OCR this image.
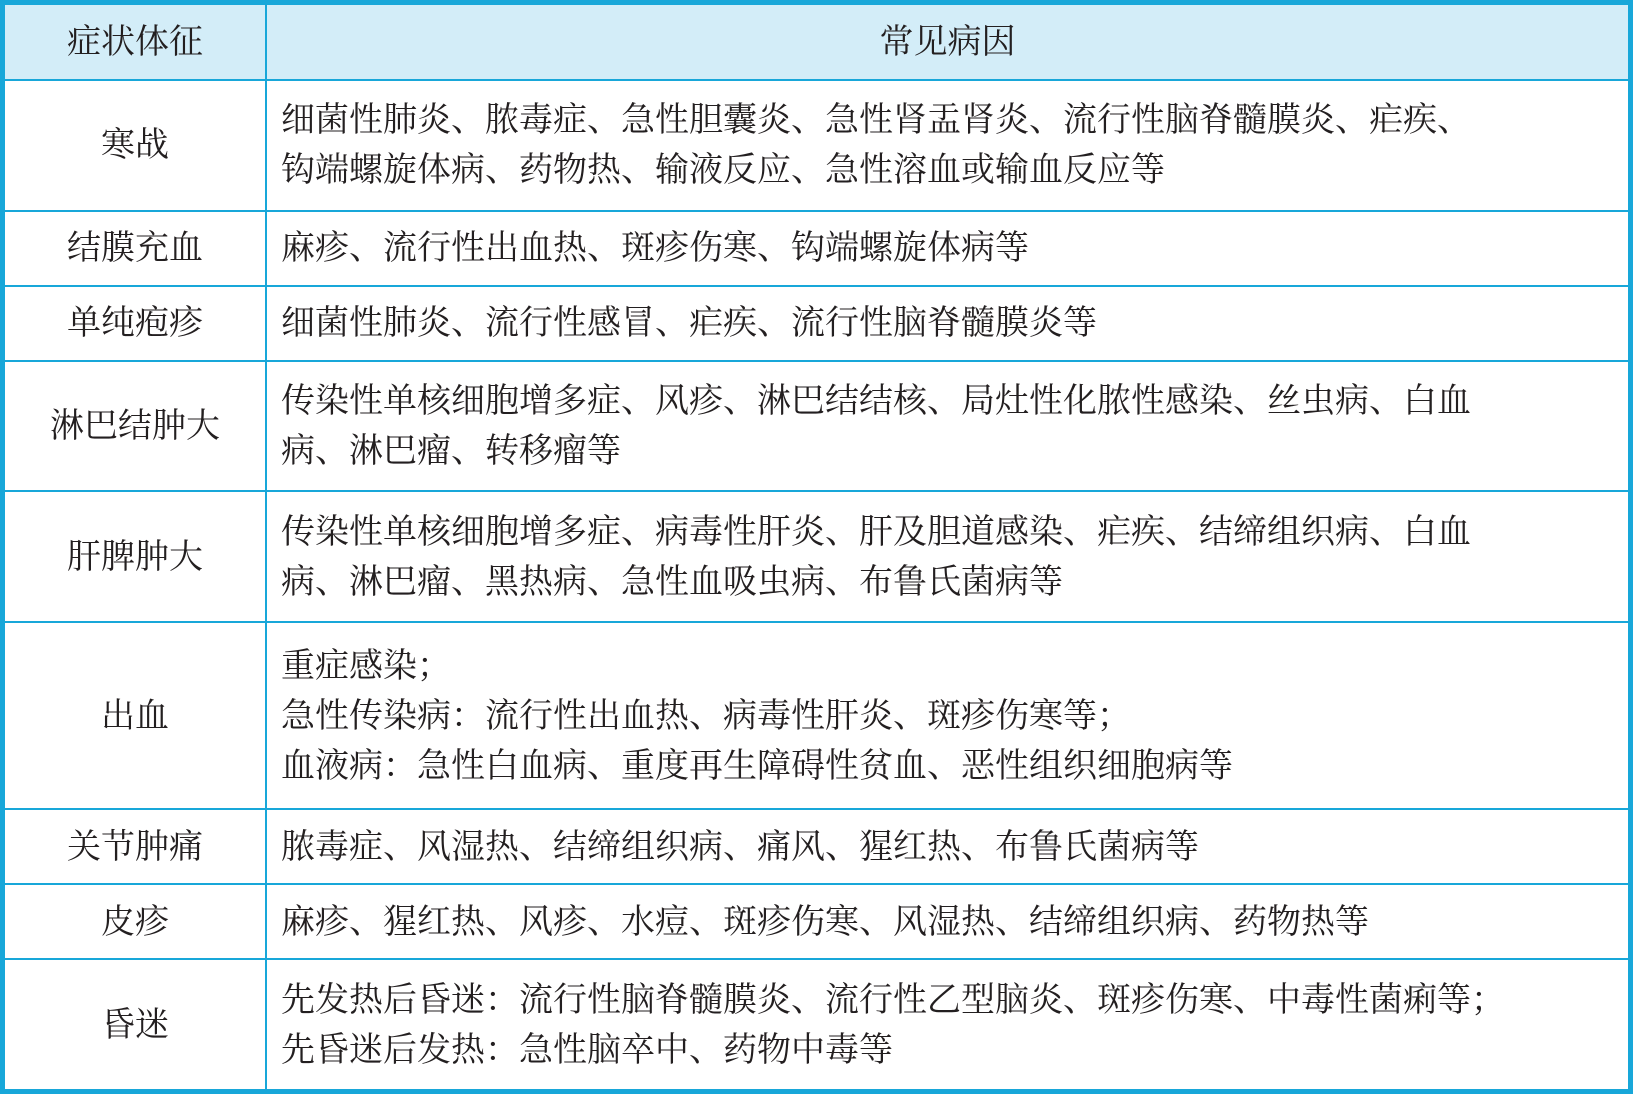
症状体征	常见病因
寒战	细菌性肺炎、脓毒症、急性胆囊炎、急性肾盂肾炎、流行性脑脊髓膜炎、疟疾、
钩端螺旋体病、药物热、输液反应、急性溶血或输血反应等

结膜充血	麻疹、流行性出血热、斑疹伤寒、钩端螺旋体病等

单纯疱疹	细菌性肺炎、流行性感冒、疟疾、流行性脑脊髓膜炎等

淋巴结肿大	传染性单核细胞增多症、风疹、淋巴结结核、局灶性化脓性感染、丝虫病、白血
病、淋巴瘤、转移瘤等

肝脾肿大	传染性单核细胞增多症、病毒性肝炎、肝及胆道感染、疟疾、结缔组织病、白血
病、淋巴瘤、黑热病、急性血吸虫病、布鲁氏菌病等

出血	重症感染；
急性传染病：流行性出血热、病毒性肝炎、斑疹伤寒等；
血液病：急性白血病、重度再生障碍性贫血、恶性组织细胞病等

关节肿痛	脓毒症、风湿热、结缔组织病、痛风、猩红热、布鲁氏菌病等

皮疹	麻疹、猩红热、风疹、水痘、斑疹伤寒、风湿热、结缔组织病、药物热等

昏迷	先发热后昏迷：流行性脑脊髓膜炎、流行性乙型脑炎、斑疹伤寒、中毒性菌痢等；
先昏迷后发热：急性脑卒中、药物中毒等
